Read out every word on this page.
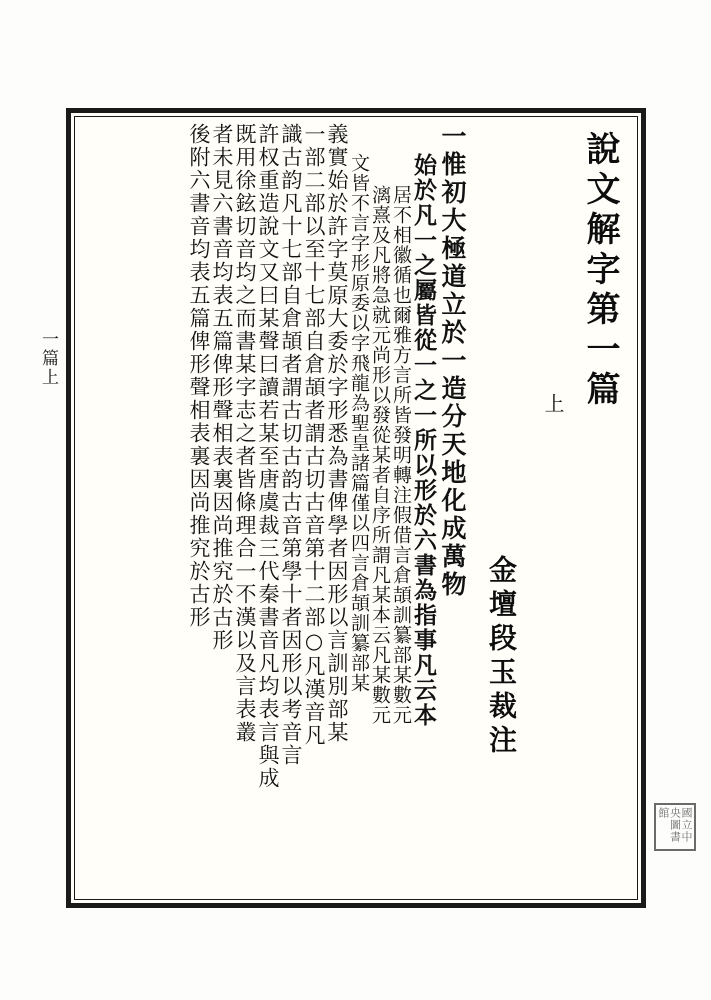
一篇上	說文解字第一篇
上
金壇段玉裁注
國立中央圖書館
一惟初大極道立於一造分天地化成萬物
始於凡一之屬皆從一之一所以形於六書為指事凡云本
居不相徽循也爾雅方言所皆發明轉注假借言倉頡訓纂部某數元
漓熹及凡將急就元尚形以發從某者自序所謂凡某本云凡某數元
文皆不言字形原委以字飛龍為聖皇諸篇僅以四言倉頡訓纂部某
義實始於許字莫原大委於字形悉為書俾學者因形以言訓別部某
一部二部以至十七部自倉頡者謂古切古音第十二部○凡漢音凡
識古韵凡十七部自倉頡者謂古切古韵古音第學十者因形以考音言
許权重造說文又曰某聲曰讀若某至唐虞裁三代秦書音凡均表言與成
既用徐鉉切音均之而書某字志之者皆條理合一不漢以及言表叢
者未見六書音均表五篇俾形聲相表裏因尚推究於古形
後附六書音均表五篇俾形聲相表裏因尚推究於古形
